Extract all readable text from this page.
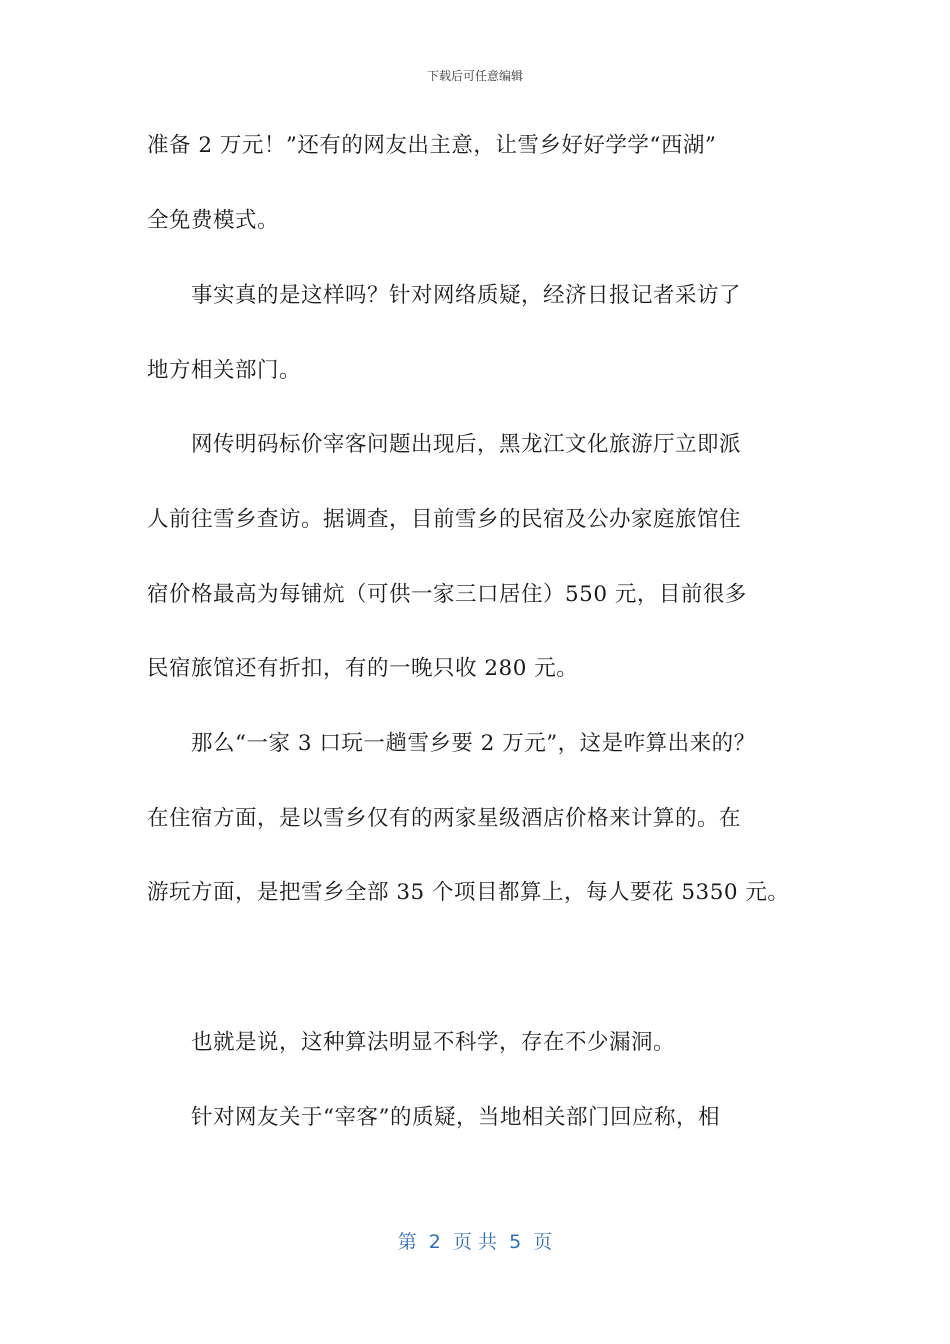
下载后可任意编辑
准备 2 万元！”还有的网友出主意，让雪乡好好学学“西湖”
全免费模式。
　　事实真的是这样吗？针对网络质疑，经济日报记者采访了
地方相关部门。
　　网传明码标价宰客问题出现后，黑龙江文化旅游厅立即派
人前往雪乡查访。据调查，目前雪乡的民宿及公办家庭旅馆住
宿价格最高为每铺炕（可供一家三口居住）550 元，目前很多
民宿旅馆还有折扣，有的一晚只收 280 元。
　　那么“一家 3 口玩一趟雪乡要 2 万元”，这是咋算出来的？
在住宿方面，是以雪乡仅有的两家星级酒店价格来计算的。在
游玩方面，是把雪乡全部 35 个项目都算上，每人要花 5350 元。
　　也就是说，这种算法明显不科学，存在不少漏洞。
　　针对网友关于“宰客”的质疑，当地相关部门回应称，相
第  2  页 共  5  页
